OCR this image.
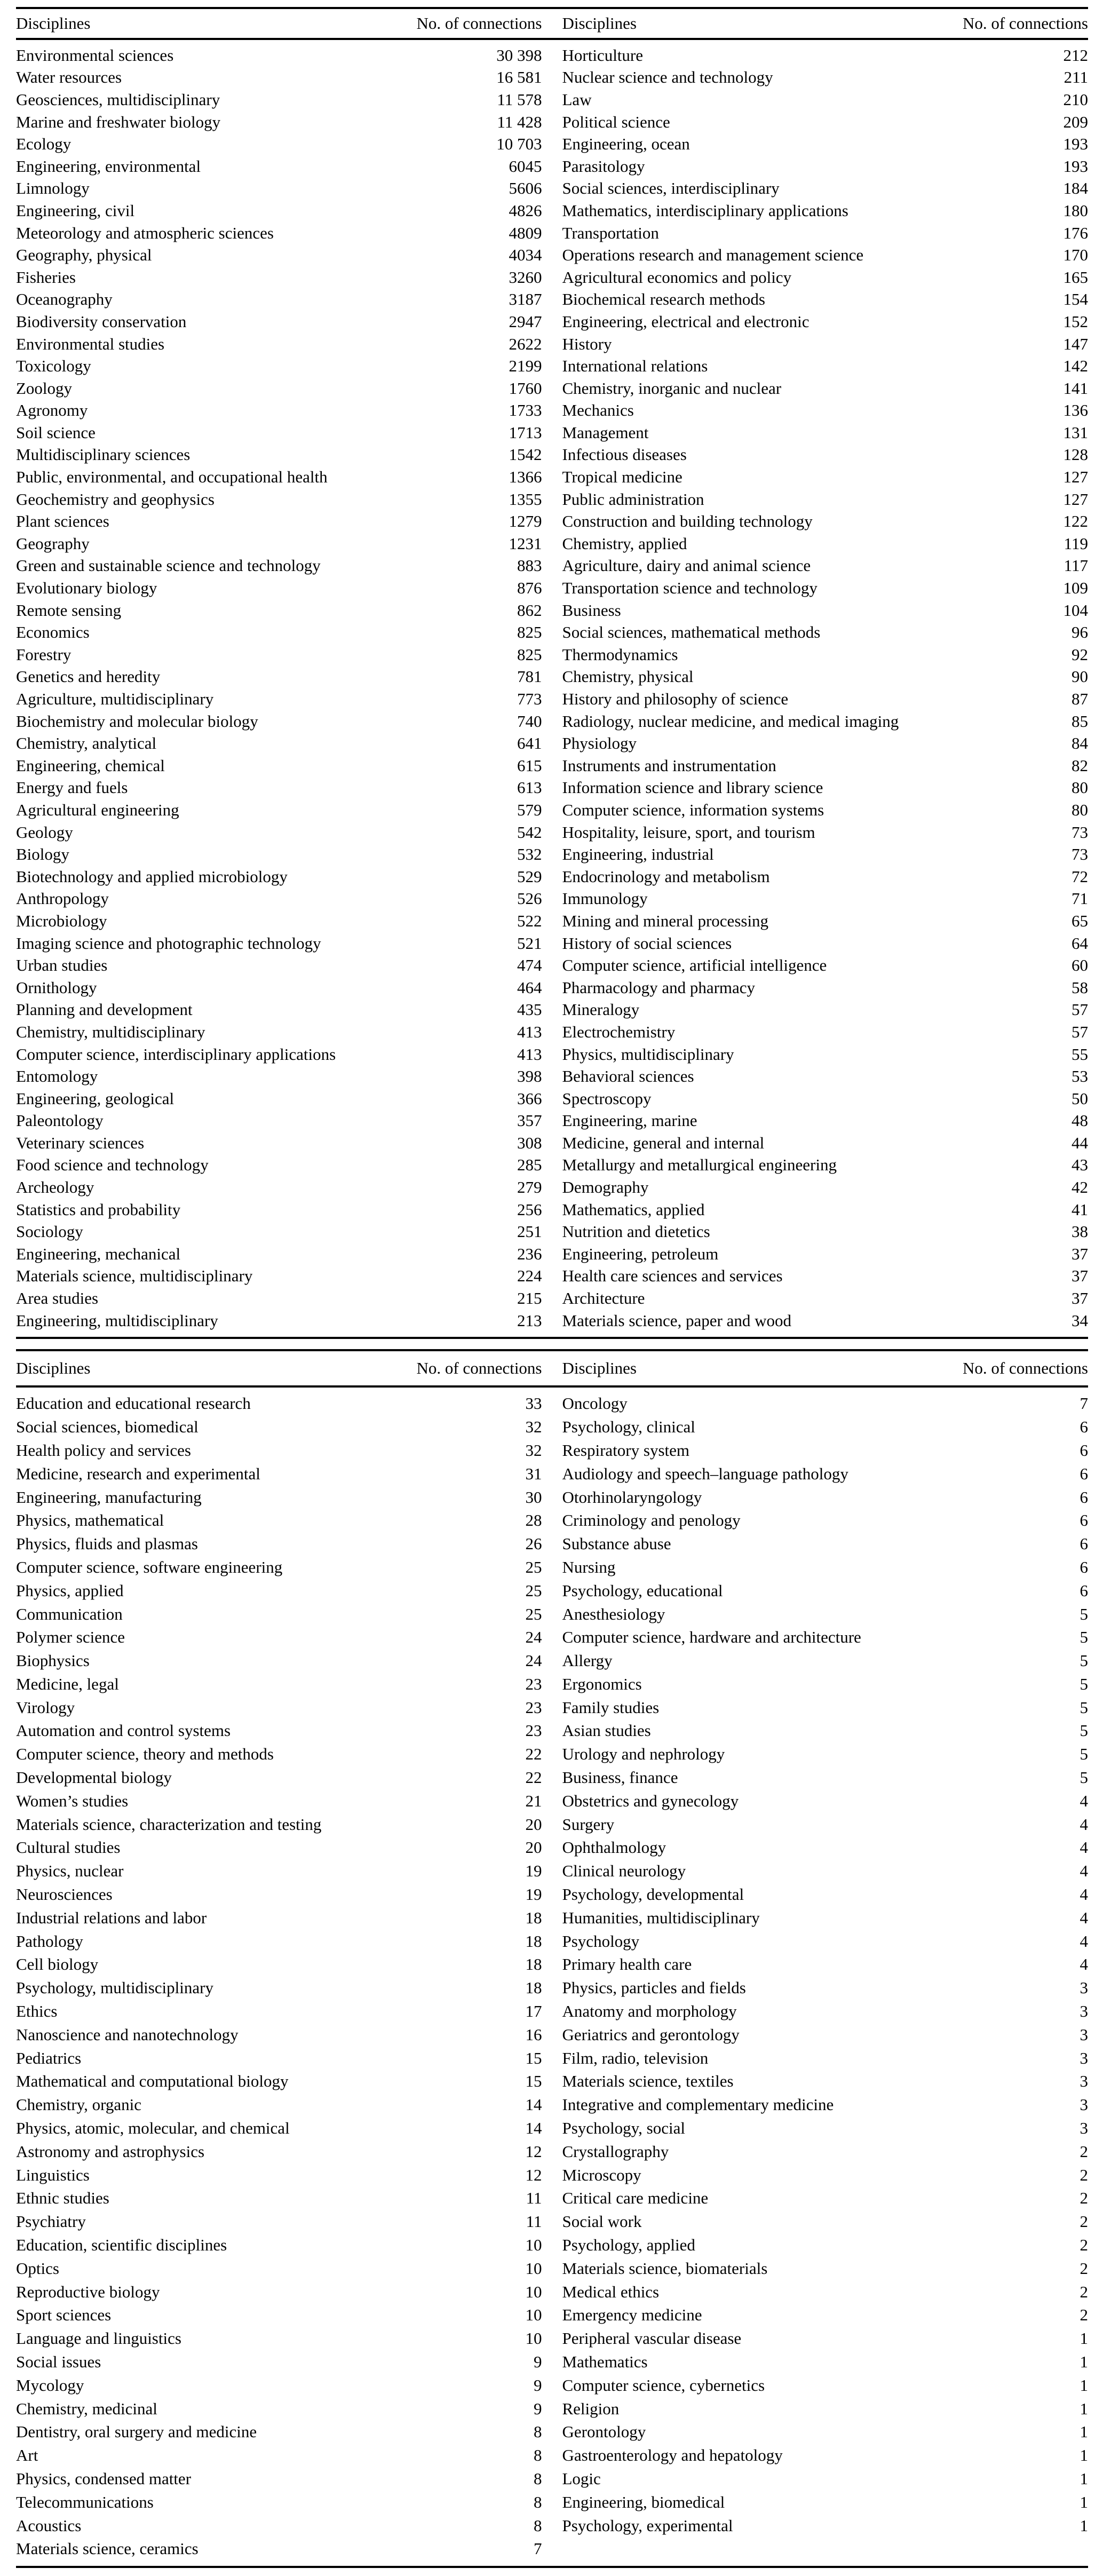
Disciplines	No. of connections Disciplines	No. of connections
Environmental sciences	30 398
Water resources	16 581
Geosciences, multidisciplinary	11 578
Marine and freshwater biology	11 428
Ecology	10 703
Engineering, environmental	6045
Limnology	5606
Engineering, civil	4826
Meteorology and atmospheric sciences	4809
Geography, physical	4034
Fisheries	3260
Oceanography	3187
Biodiversity conservation	2947
Environmental studies	2622
Toxicology	2199
Zoology	1760
Agronomy	1733
Soil science	1713
Multidisciplinary sciences	1542
Public, environmental, and occupational health	1366
Geochemistry and geophysics	1355
Plant sciences	1279
Geography	1231
Green and sustainable science and technology	883
Evolutionary biology	876
Remote sensing	862
Economics	825
Forestry	825
Genetics and heredity	781
Agriculture, multidisciplinary	773
Biochemistry and molecular biology	740
Chemistry, analytical	641
Engineering, chemical	615
Energy and fuels	613
Agricultural engineering	579
Geology	542
Biology	532
Biotechnology and applied microbiology	529
Anthropology	526
Microbiology	522
Imaging science and photographic technology	521
Urban studies	474
Ornithology	464
Planning and development	435
Chemistry, multidisciplinary	413
Computer science, interdisciplinary applications	413
Entomology	398
Engineering, geological	366
Paleontology	357
Veterinary sciences	308
Food science and technology	285
Archeology	279
Statistics and probability	256
Sociology	251
Engineering, mechanical	236
Materials science, multidisciplinary	224
Area studies	215
Engineering, multidisciplinary	213
Horticulture	212
Nuclear science and technology	211
Law	210
Political science	209
Engineering, ocean	193
Parasitology	193
Social sciences, interdisciplinary	184
Mathematics, interdisciplinary applications	180
Transportation	176
Operations research and management science	170
Agricultural economics and policy	165
Biochemical research methods	154
Engineering, electrical and electronic	152
History	147
International relations	142
Chemistry, inorganic and nuclear	141
Mechanics	136
Management	131
Infectious diseases	128
Tropical medicine	127
Public administration	127
Construction and building technology	122
Chemistry, applied	119
Agriculture, dairy and animal science	117
Transportation science and technology	109
Business	104
Social sciences, mathematical methods	96
Thermodynamics	92
Chemistry, physical	90
History and philosophy of science	87
Radiology, nuclear medicine, and medical imaging	85
Physiology	84
Instruments and instrumentation	82
Information science and library science	80
Computer science, information systems	80
Hospitality, leisure, sport, and tourism	73
Engineering, industrial	73
Endocrinology and metabolism	72
Immunology	71
Mining and mineral processing	65
History of social sciences	64
Computer science, artificial intelligence	60
Pharmacology and pharmacy	58
Mineralogy	57
Electrochemistry	57
Physics, multidisciplinary	55
Behavioral sciences	53
Spectroscopy	50
Engineering, marine	48
Medicine, general and internal	44
Metallurgy and metallurgical engineering	43
Demography	42
Mathematics, applied	41
Nutrition and dietetics	38
Engineering, petroleum	37
Health care sciences and services	37
Architecture	37
Materials science, paper and wood	34
Disciplines	No. of connections Disciplines	No. of connections
Education and educational research	33
Social sciences, biomedical	32
Health policy and services	32
Medicine, research and experimental	31
Engineering, manufacturing	30
Physics, mathematical	28
Physics, fluids and plasmas	26
Computer science, software engineering	25
Physics, applied	25
Communication	25
Polymer science	24
Biophysics	24
Medicine, legal	23
Virology	23
Automation and control systems	23
Computer science, theory and methods	22
Developmental biology	22
Women’s studies	21
Materials science, characterization and testing	20
Cultural studies	20
Physics, nuclear	19
Neurosciences	19
Industrial relations and labor	18
Pathology	18
Cell biology	18
Psychology, multidisciplinary	18
Ethics	17
Nanoscience and nanotechnology	16
Pediatrics	15
Mathematical and computational biology	15
Chemistry, organic	14
Physics, atomic, molecular, and chemical	14
Astronomy and astrophysics	12
Linguistics	12
Ethnic studies	11
Psychiatry	11
Education, scientific disciplines	10
Optics	10
Reproductive biology	10
Sport sciences	10
Language and linguistics	10
Social issues	9
Mycology	9
Chemistry, medicinal	9
Dentistry, oral surgery and medicine	8
Art	8
Physics, condensed matter	8
Telecommunications	8
Acoustics	8
Materials science, ceramics	7
Oncology	7
Psychology, clinical	6
Respiratory system	6
Audiology and speech–language pathology	6
Otorhinolaryngology	6
Criminology and penology	6
Substance abuse	6
Nursing	6
Psychology, educational	6
Anesthesiology	5
Computer science, hardware and architecture	5
Allergy	5
Ergonomics	5
Family studies	5
Asian studies	5
Urology and nephrology	5
Business, finance	5
Obstetrics and gynecology	4
Surgery	4
Ophthalmology	4
Clinical neurology	4
Psychology, developmental	4
Humanities, multidisciplinary	4
Psychology	4
Primary health care	4
Physics, particles and fields	3
Anatomy and morphology	3
Geriatrics and gerontology	3
Film, radio, television	3
Materials science, textiles	3
Integrative and complementary medicine	3
Psychology, social	3
Crystallography	2
Microscopy	2
Critical care medicine	2
Social work	2
Psychology, applied	2
Materials science, biomaterials	2
Medical ethics	2
Emergency medicine	2
Peripheral vascular disease	1
Mathematics	1
Computer science, cybernetics	1
Religion	1
Gerontology	1
Gastroenterology and hepatology	1
Logic	1
Engineering, biomedical	1
Psychology, experimental	1
